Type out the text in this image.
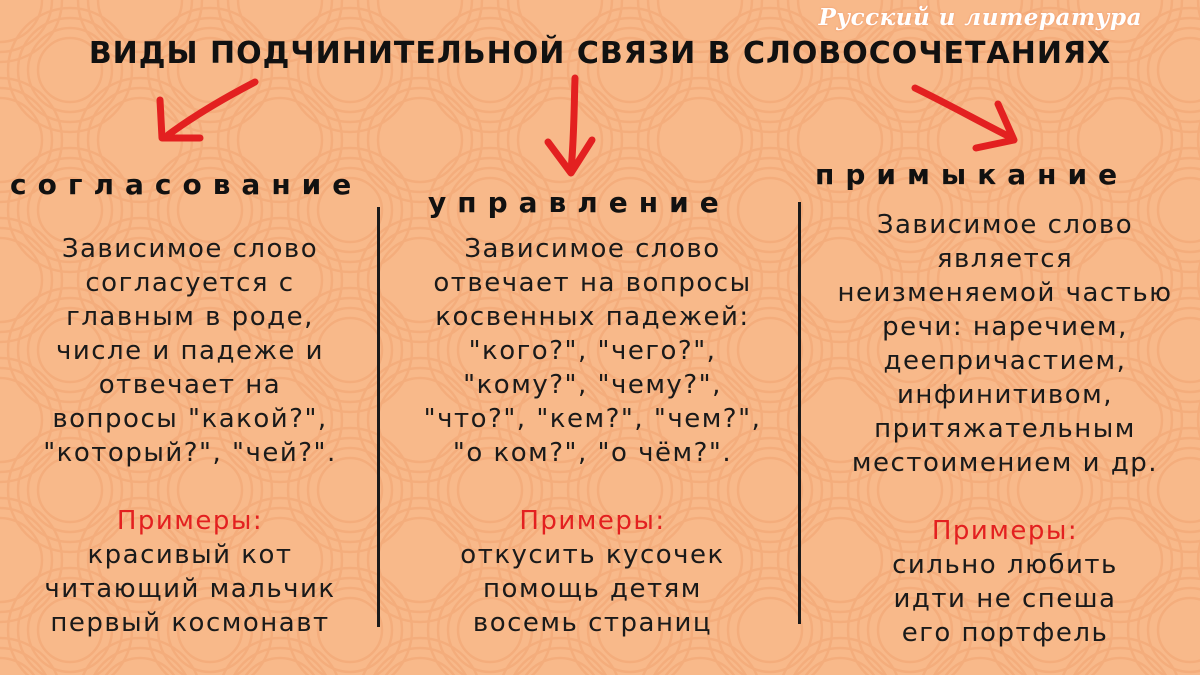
Русский и литература
ВИДЫ ПОДЧИНИТЕЛЬНОЙ СВЯЗИ В СЛОВОСОЧЕТАНИЯХ
согласование
управление
примыкание

Зависимое слово

согласуется с

главным в роде,

числе и падеже и

отвечает на

вопросы "какой?",

"который?", "чей?".

Примеры:

красивый кот

читающий мальчик

первый космонавт

Зависимое слово

отвечает на вопросы

косвенных падежей:

"кого?", "чего?",

"кому?", "чему?",

"что?", "кем?", "чем?",

"о ком?", "о чём?".

Примеры:

откусить кусочек

помощь детям

восемь страниц

Зависимое слово

является

неизменяемой частью

речи: наречием,

деепричастием,

инфинитивом,

притяжательным

местоимением и др.

Примеры:

сильно любить

идти не спеша

его портфель
